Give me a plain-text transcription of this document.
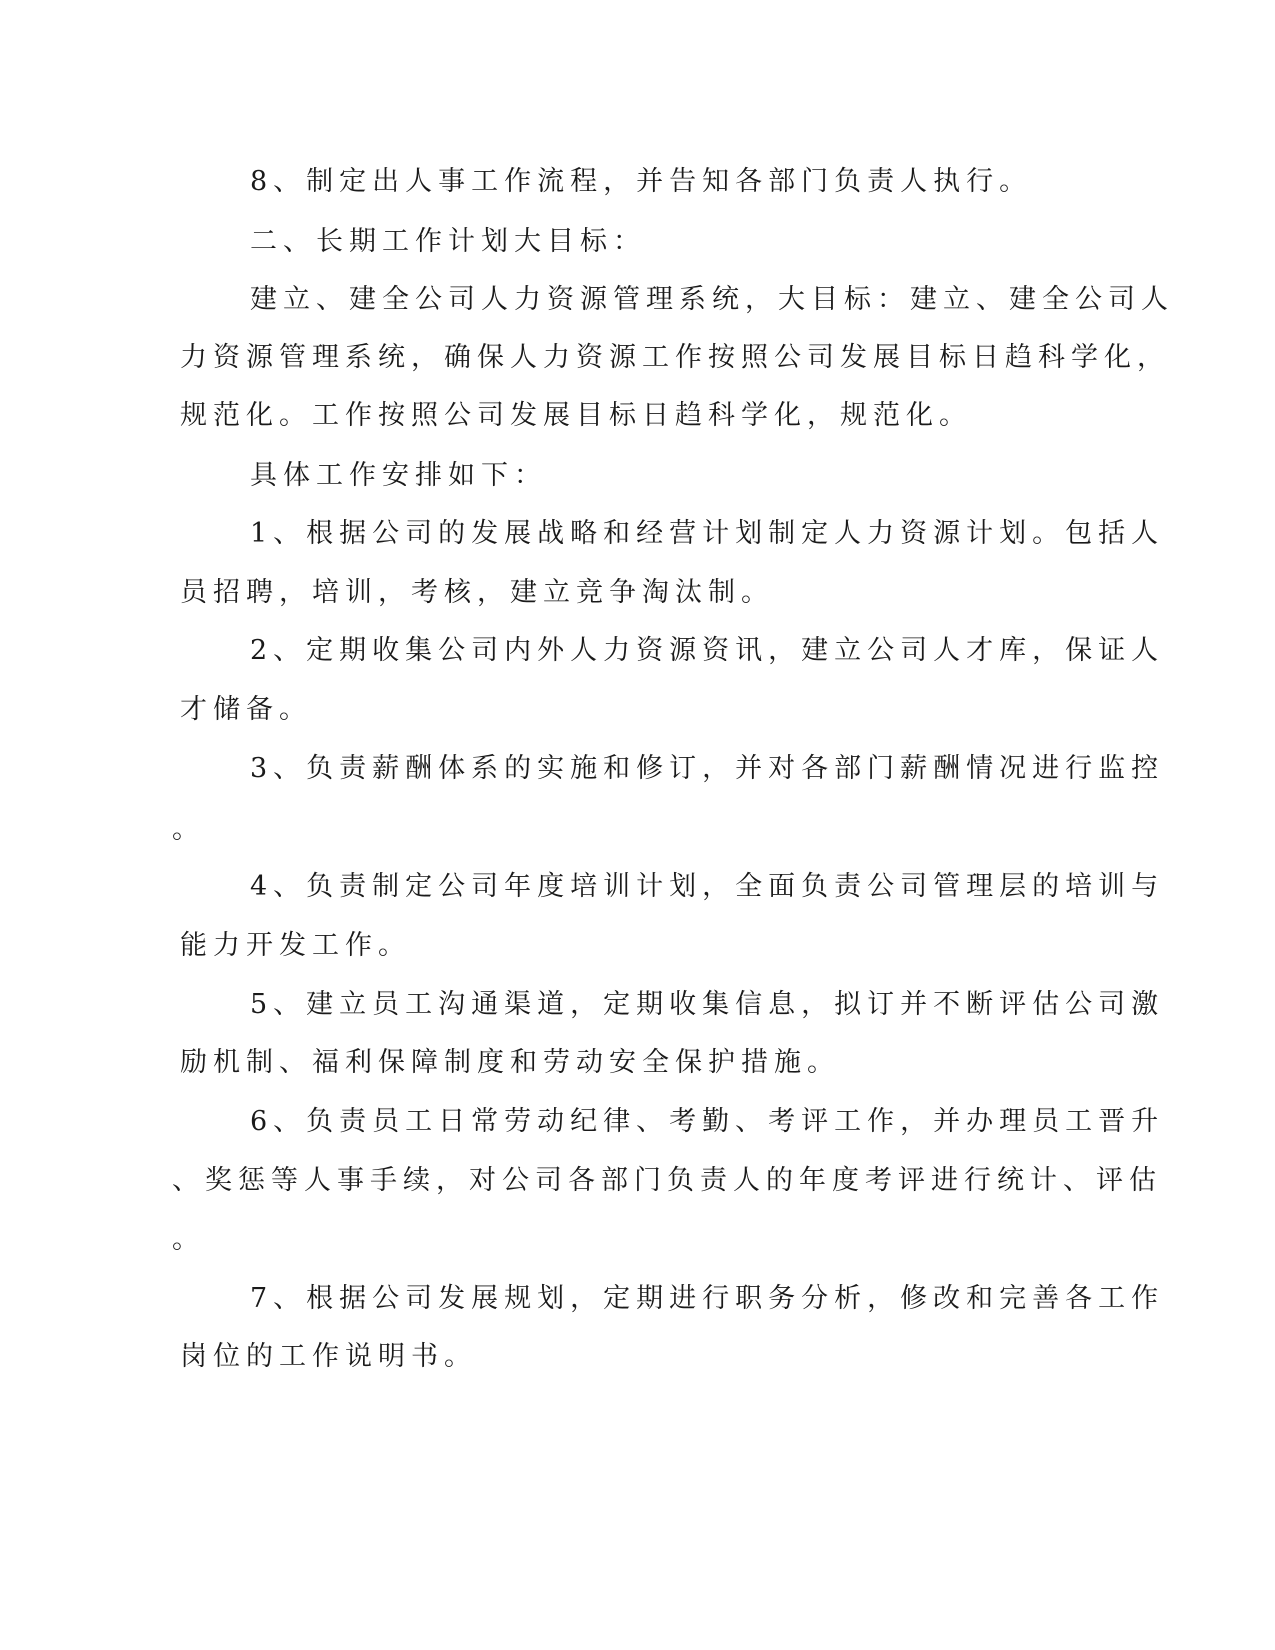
8、制定出人事工作流程，并告知各部门负责人执行。
二、长期工作计划大目标：
建立、建全公司人力资源管理系统，大目标：建立、建全公司人
力资源管理系统，确保人力资源工作按照公司发展目标日趋科学化，
规范化。工作按照公司发展目标日趋科学化，规范化。
具体工作安排如下：
1、根据公司的发展战略和经营计划制定人力资源计划。包括人
员招聘，培训，考核，建立竞争淘汰制。
2、定期收集公司内外人力资源资讯，建立公司人才库，保证人
才储备。
3、负责薪酬体系的实施和修订，并对各部门薪酬情况进行监控
。
4、负责制定公司年度培训计划，全面负责公司管理层的培训与
能力开发工作。
5、建立员工沟通渠道，定期收集信息，拟订并不断评估公司激
励机制、福利保障制度和劳动安全保护措施。
6、负责员工日常劳动纪律、考勤、考评工作，并办理员工晋升
、奖惩等人事手续，对公司各部门负责人的年度考评进行统计、评估
。
7、根据公司发展规划，定期进行职务分析，修改和完善各工作
岗位的工作说明书。
